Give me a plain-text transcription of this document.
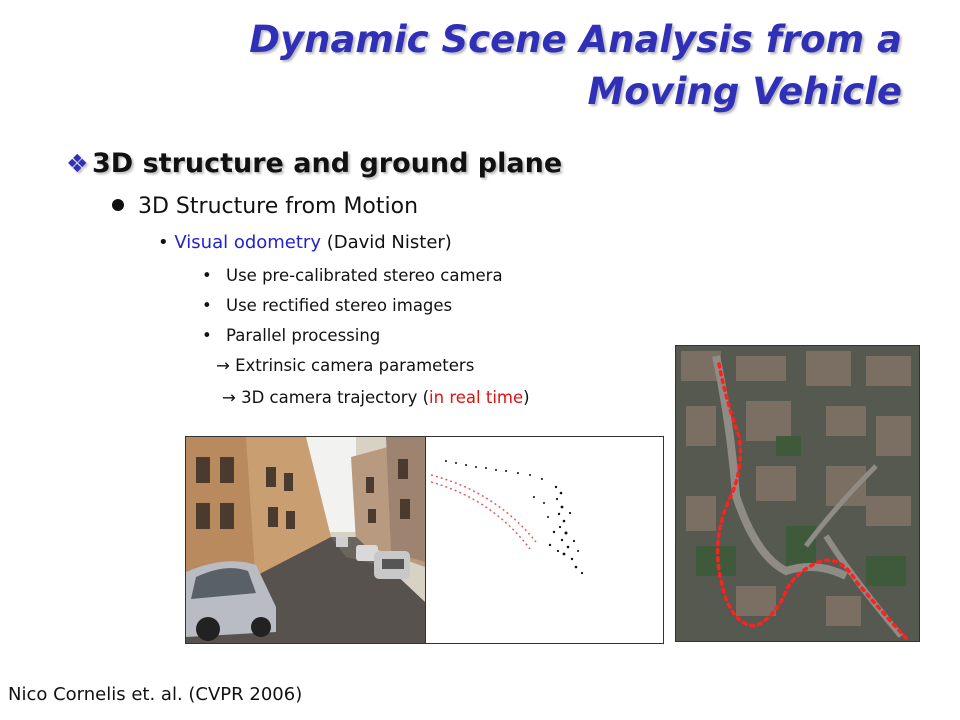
Dynamic Scene Analysis from a
Moving Vehicle
❖ 3D structure and ground plane
3D Structure from Motion
• Visual odometry (David Nister)
• Use pre-calibrated stereo camera
• Use rectified stereo images
• Parallel processing
→ Extrinsic camera parameters
→ 3D camera trajectory (in real time)
Nico Cornelis et. al. (CVPR 2006)
